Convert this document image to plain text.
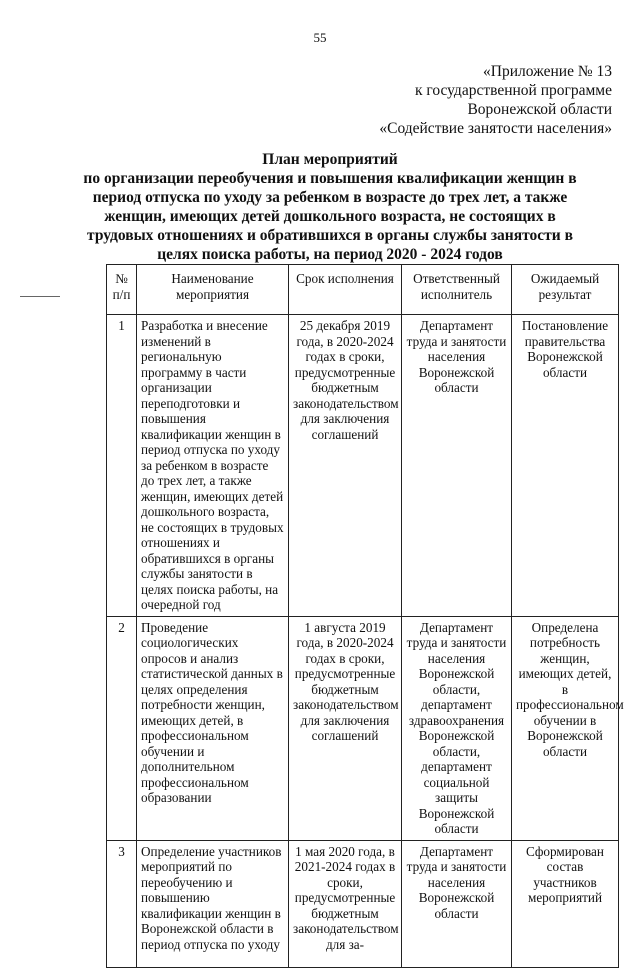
55
«Приложение № 13
к государственной программе
Воронежской области
«Содействие занятости населения»
План мероприятий
по организации переобучения и повышения квалификации женщин в
период отпуска по уходу за ребенком в возрасте до трех лет, а также
женщин, имеющих детей дошкольного возраста, не состоящих в
трудовых отношениях и обратившихся в органы службы занятости в
целях поиска работы, на период 2020 - 2024 годов
№ п/п	Наименование мероприятия	Срок исполнения	Ответственный исполнитель	Ожидаемый результат
1	Разработка и внесение изменений в региональную программу в части организации переподготовки и повышения квалификации женщин в период отпуска по уходу за ребенком в возрасте до трех лет, а также женщин, имеющих детей дошкольного возраста, не состоящих в трудовых отношениях и обратившихся в органы службы занятости в целях поиска работы, на очередной год	25 декабря 2019 года, в 2020-2024 годах в сроки, предусмотренные бюджетным законодательством для заключения соглашений	Департамент труда и занятости населения Воронежской области	Постановление правительства Воронежской области
2	Проведение социологических опросов и анализ статистической данных в целях определения потребности женщин, имеющих детей, в профессиональном обучении и дополнительном профессиональном образовании	1 августа 2019 года, в 2020-2024 годах в сроки, предусмотренные бюджетным законодательством для заключения соглашений	Департамент труда и занятости населения Воронежской области, департамент здравоохранения Воронежской области, департамент социальной защиты Воронежской области	Определена потребность женщин, имеющих детей, в профессиональном обучении в Воронежской области
3	Определение участников мероприятий по переобучению и повышению квалификации женщин в Воронежской области в период отпуска по уходу	1 мая 2020 года, в 2021-2024 годах в сроки, предусмотренные бюджетным законодательством для за-	Департамент труда и занятости населения Воронежской области	Сформирован состав участников мероприятий
